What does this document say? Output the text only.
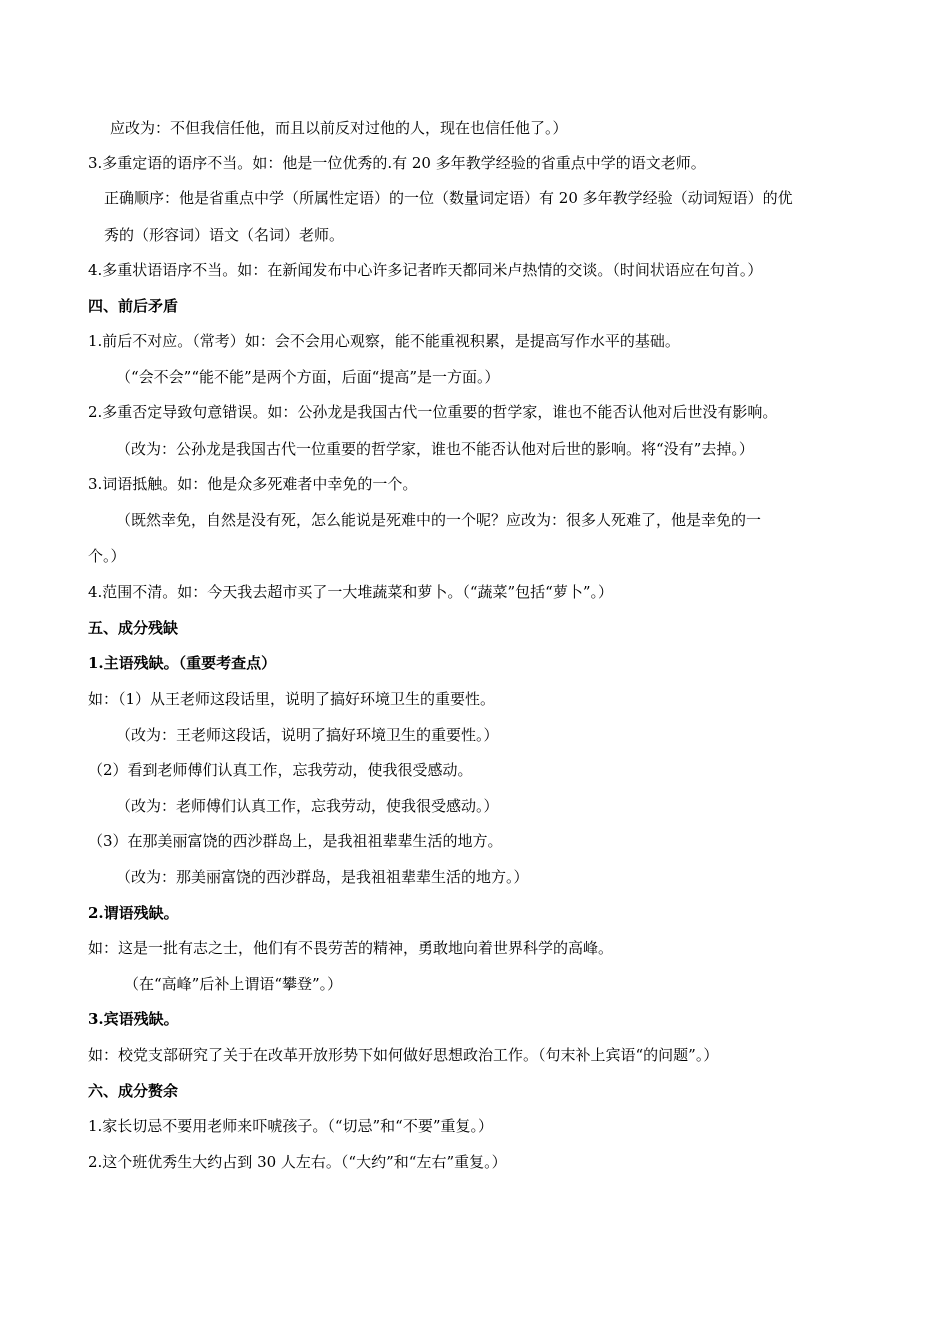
应改为：不但我信任他，而且以前反对过他的人，现在也信任他了。）
3.多重定语的语序不当。如：他是一位优秀的.有 20 多年教学经验的省重点中学的语文老师。
正确顺序：他是省重点中学（所属性定语）的一位（数量词定语）有 20 多年教学经验（动词短语）的优
秀的（形容词）语文（名词）老师。
4.多重状语语序不当。如：在新闻发布中心许多记者昨天都同米卢热情的交谈。（时间状语应在句首。）
四、前后矛盾
1.前后不对应。（常考）如：会不会用心观察，能不能重视积累，是提高写作水平的基础。
（“会不会”“能不能”是两个方面，后面“提高”是一方面。）
2.多重否定导致句意错误。如：公孙龙是我国古代一位重要的哲学家，谁也不能否认他对后世没有影响。
（改为：公孙龙是我国古代一位重要的哲学家，谁也不能否认他对后世的影响。将“没有”去掉。）
3.词语抵触。如：他是众多死难者中幸免的一个。
（既然幸免，自然是没有死，怎么能说是死难中的一个呢？应改为：很多人死难了，他是幸免的一
个。）
4.范围不清。如：今天我去超市买了一大堆蔬菜和萝卜。（“蔬菜”包括“萝卜”。）
五、成分残缺
1.主语残缺。（重要考查点）
如：（1）从王老师这段话里，说明了搞好环境卫生的重要性。
（改为：王老师这段话，说明了搞好环境卫生的重要性。）
（2）看到老师傅们认真工作，忘我劳动，使我很受感动。
（改为：老师傅们认真工作，忘我劳动，使我很受感动。）
（3）在那美丽富饶的西沙群岛上，是我祖祖辈辈生活的地方。
（改为：那美丽富饶的西沙群岛，是我祖祖辈辈生活的地方。）
2.谓语残缺。
如：这是一批有志之士，他们有不畏劳苦的精神，勇敢地向着世界科学的高峰。
（在“高峰”后补上谓语“攀登”。）
3.宾语残缺。
如：校党支部研究了关于在改革开放形势下如何做好思想政治工作。（句末补上宾语“的问题”。）
六、成分赘余
1.家长切忌不要用老师来吓唬孩子。（“切忌”和“不要”重复。）
2.这个班优秀生大约占到 30 人左右。（“大约”和“左右”重复。）
